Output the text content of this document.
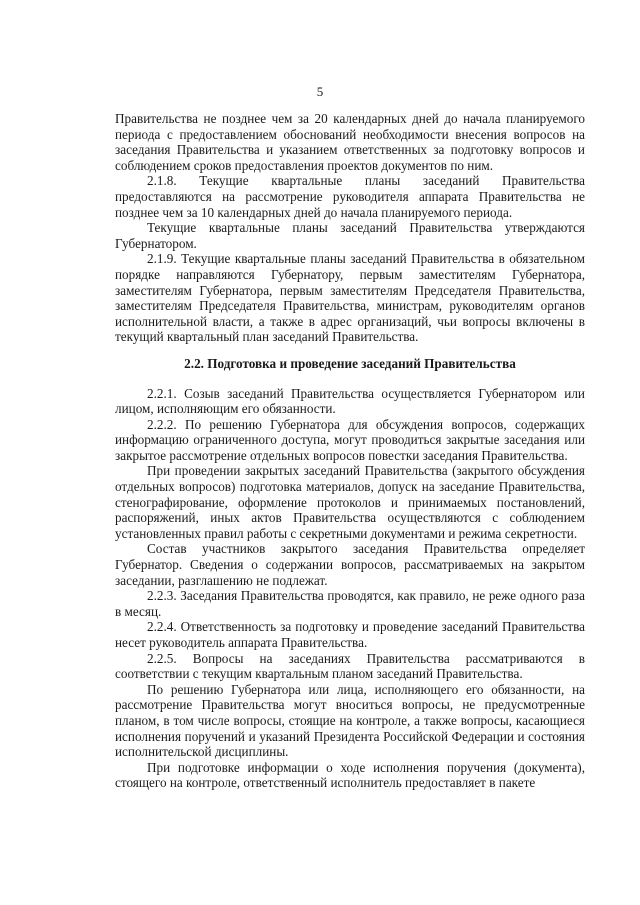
5

Правительства не позднее чем за 20 календарных дней до начала планируемого периода с предоставлением обоснований необходимости внесения вопросов на заседания Правительства и указанием ответственных за подготовку вопросов и соблюдением сроков предоставления проектов документов по ним.

2.1.8. Текущие квартальные планы заседаний Правительства предоставляются на рассмотрение руководителя аппарата Правительства не позднее чем за 10 календарных дней до начала планируемого периода.

Текущие квартальные планы заседаний Правительства утверждаются Губернатором.

2.1.9. Текущие квартальные планы заседаний Правительства в обязательном порядке направляются Губернатору, первым заместителям Губернатора, заместителям Губернатора, первым заместителям Председателя Правительства, заместителям Председателя Правительства, министрам, руководителям органов исполнительной власти, а также в адрес организаций, чьи вопросы включены в текущий квартальный план заседаний Правительства.

2.2. Подготовка и проведение заседаний Правительства

2.2.1. Созыв заседаний Правительства осуществляется Губернатором или лицом, исполняющим его обязанности.

2.2.2. По решению Губернатора для обсуждения вопросов, содержащих информацию ограниченного доступа, могут проводиться закрытые заседания или закрытое рассмотрение отдельных вопросов повестки заседания Правительства.

При проведении закрытых заседаний Правительства (закрытого обсуждения отдельных вопросов) подготовка материалов, допуск на заседание Правительства, стенографирование, оформление протоколов и принимаемых постановлений, распоряжений, иных актов Правительства осуществляются с соблюдением установленных правил работы с секретными документами и режима секретности.

Состав участников закрытого заседания Правительства определяет Губернатор. Сведения о содержании вопросов, рассматриваемых на закрытом заседании, разглашению не подлежат.

2.2.3. Заседания Правительства проводятся, как правило, не реже одного раза в месяц.

2.2.4. Ответственность за подготовку и проведение заседаний Правительства несет руководитель аппарата Правительства.

2.2.5. Вопросы на заседаниях Правительства рассматриваются в соответствии с текущим квартальным планом заседаний Правительства.

По решению Губернатора или лица, исполняющего его обязанности, на рассмотрение Правительства могут вноситься вопросы, не предусмотренные планом, в том числе вопросы, стоящие на контроле, а также вопросы, касающиеся исполнения поручений и указаний Президента Российской Федерации и состояния исполнительской дисциплины.

При подготовке информации о ходе исполнения поручения (документа), стоящего на контроле, ответственный исполнитель предоставляет в пакете
